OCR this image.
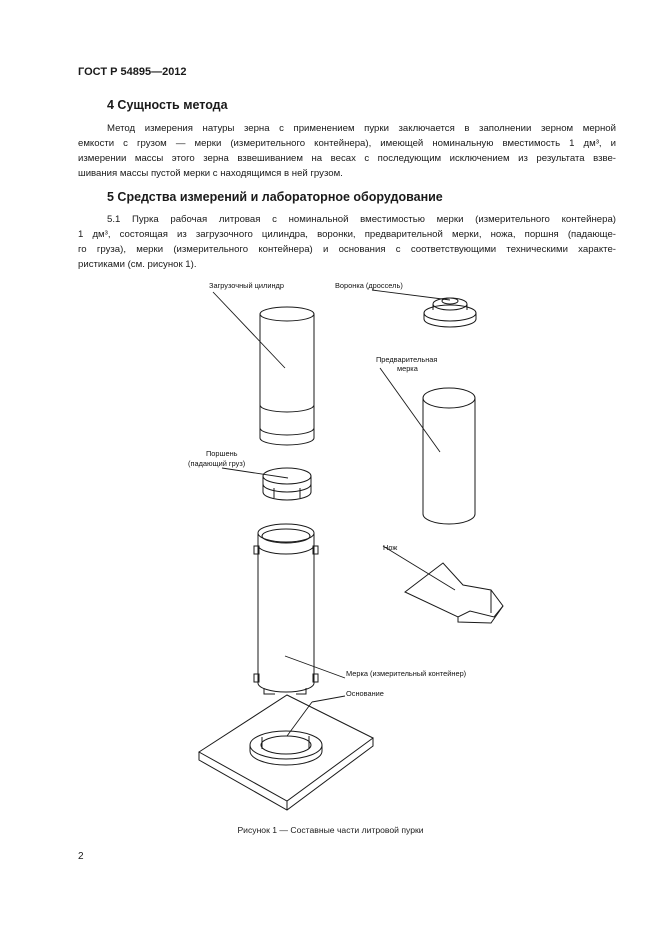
ГОСТ Р 54895—2012
4 Сущность метода
Метод измерения натуры зерна с применением пурки заключается в заполнении зерном мерной
емкости с грузом — мерки (измерительного контейнера), имеющей номинальную вместимость 1 дм³, и
измерении массы этого зерна взвешиванием на весах с последующим исключением из результата взве-
шивания массы пустой мерки с находящимся в ней грузом.
5 Средства измерений и лабораторное оборудование
5.1 Пурка рабочая литровая с номинальной вместимостью мерки (измерительного контейнера)
1 дм³, состоящая из загрузочного цилиндра, воронки, предварительной мерки, ножа, поршня (падающе-
го груза), мерки (измерительного контейнера) и основания с соответствующими техническими характе-
ристиками (см. рисунок 1).
Загрузочный цилиндр	Воронка (дроссель)
Предварительная
мерка
Поршень
(падающий груз)
Нож
Мерка (измерительный контейнер)
Основание
Рисунок 1 — Составные части литровой пурки
2
